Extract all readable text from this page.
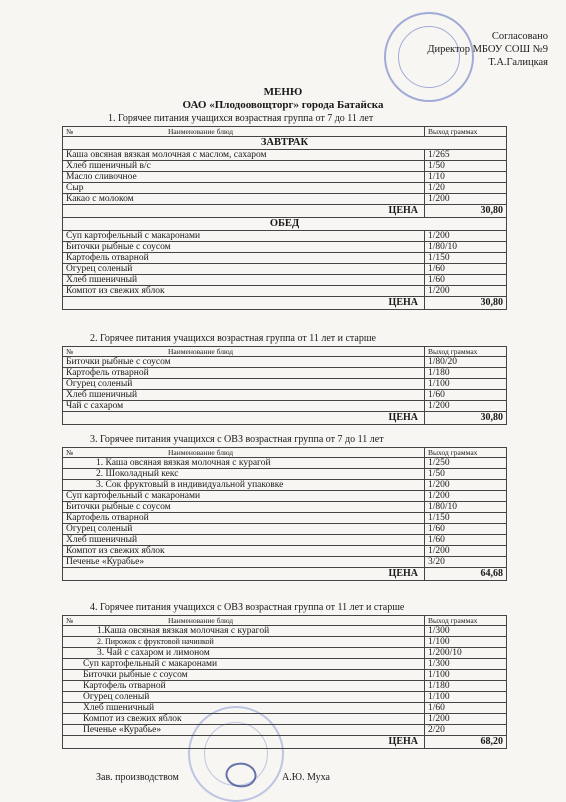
Согласовано
Директор МБОУ СОШ №9
Т.А.Галицкая
МЕНЮ
ОАО «Плодоовощторг» города Батайска
1. Горячее питания учащихся возрастная группа от 7 до 11 лет
№ Наименование блюд	Выход граммах
ЗАВТРАК	
Каша овсяная вязкая молочная с маслом, сахаром	1/265
Хлеб пшеничный в/с	1/50
Масло сливочное	1/10
Сыр	1/20
Какао с молоком	1/200
ЦЕНА	30,80
ОБЕД	
Суп картофельный с макаронами	1/200
Биточки рыбные с соусом	1/80/10
Картофель отварной	1/150
Огурец соленый	1/60
Хлеб пшеничный	1/60
Компот из свежих яблок	1/200
ЦЕНА	30,80
2. Горячее питания учащихся возрастная группа от 11 лет и старше
№ Наименование блюд	Выход граммах
Биточки рыбные с соусом	1/80/20
Картофель отварной	1/180
Огурец соленый	1/100
Хлеб пшеничный	1/60
Чай с сахаром	1/200
ЦЕНА	30,80
3. Горячее питания учащихся с ОВЗ возрастная группа от 7 до 11 лет
№ Наименование блюд	Выход граммах
1. Каша овсяная вязкая молочная с курагой	1/250
2. Шоколадный кекс	1/50
3. Сок фруктовый в индивидуальной упаковке	1/200
Суп картофельный с макаронами	1/200
Биточки рыбные с соусом	1/80/10
Картофель отварной	1/150
Огурец соленый	1/60
Хлеб пшеничный	1/60
Компот из свежих яблок	1/200
Печенье «Курабье»	3/20
ЦЕНА	64,68
4. Горячее питания учащихся с ОВЗ возрастная группа от 11 лет и старше
№ Наименование блюд	Выход граммах
1.Каша овсяная вязкая молочная с курагой	1/300
2. Пирожок с фруктовой начинкой	1/100
3. Чай с сахаром и лимоном	1/200/10
Суп картофельный с макаронами	1/300
Биточки рыбные с соусом	1/100
Картофель отварной	1/180
Огурец соленый	1/100
Хлеб пшеничный	1/60
Компот из свежих яблок	1/200
Печенье «Курабье»	2/20
ЦЕНА	68,20
Зав. производством	А.Ю. Муха
